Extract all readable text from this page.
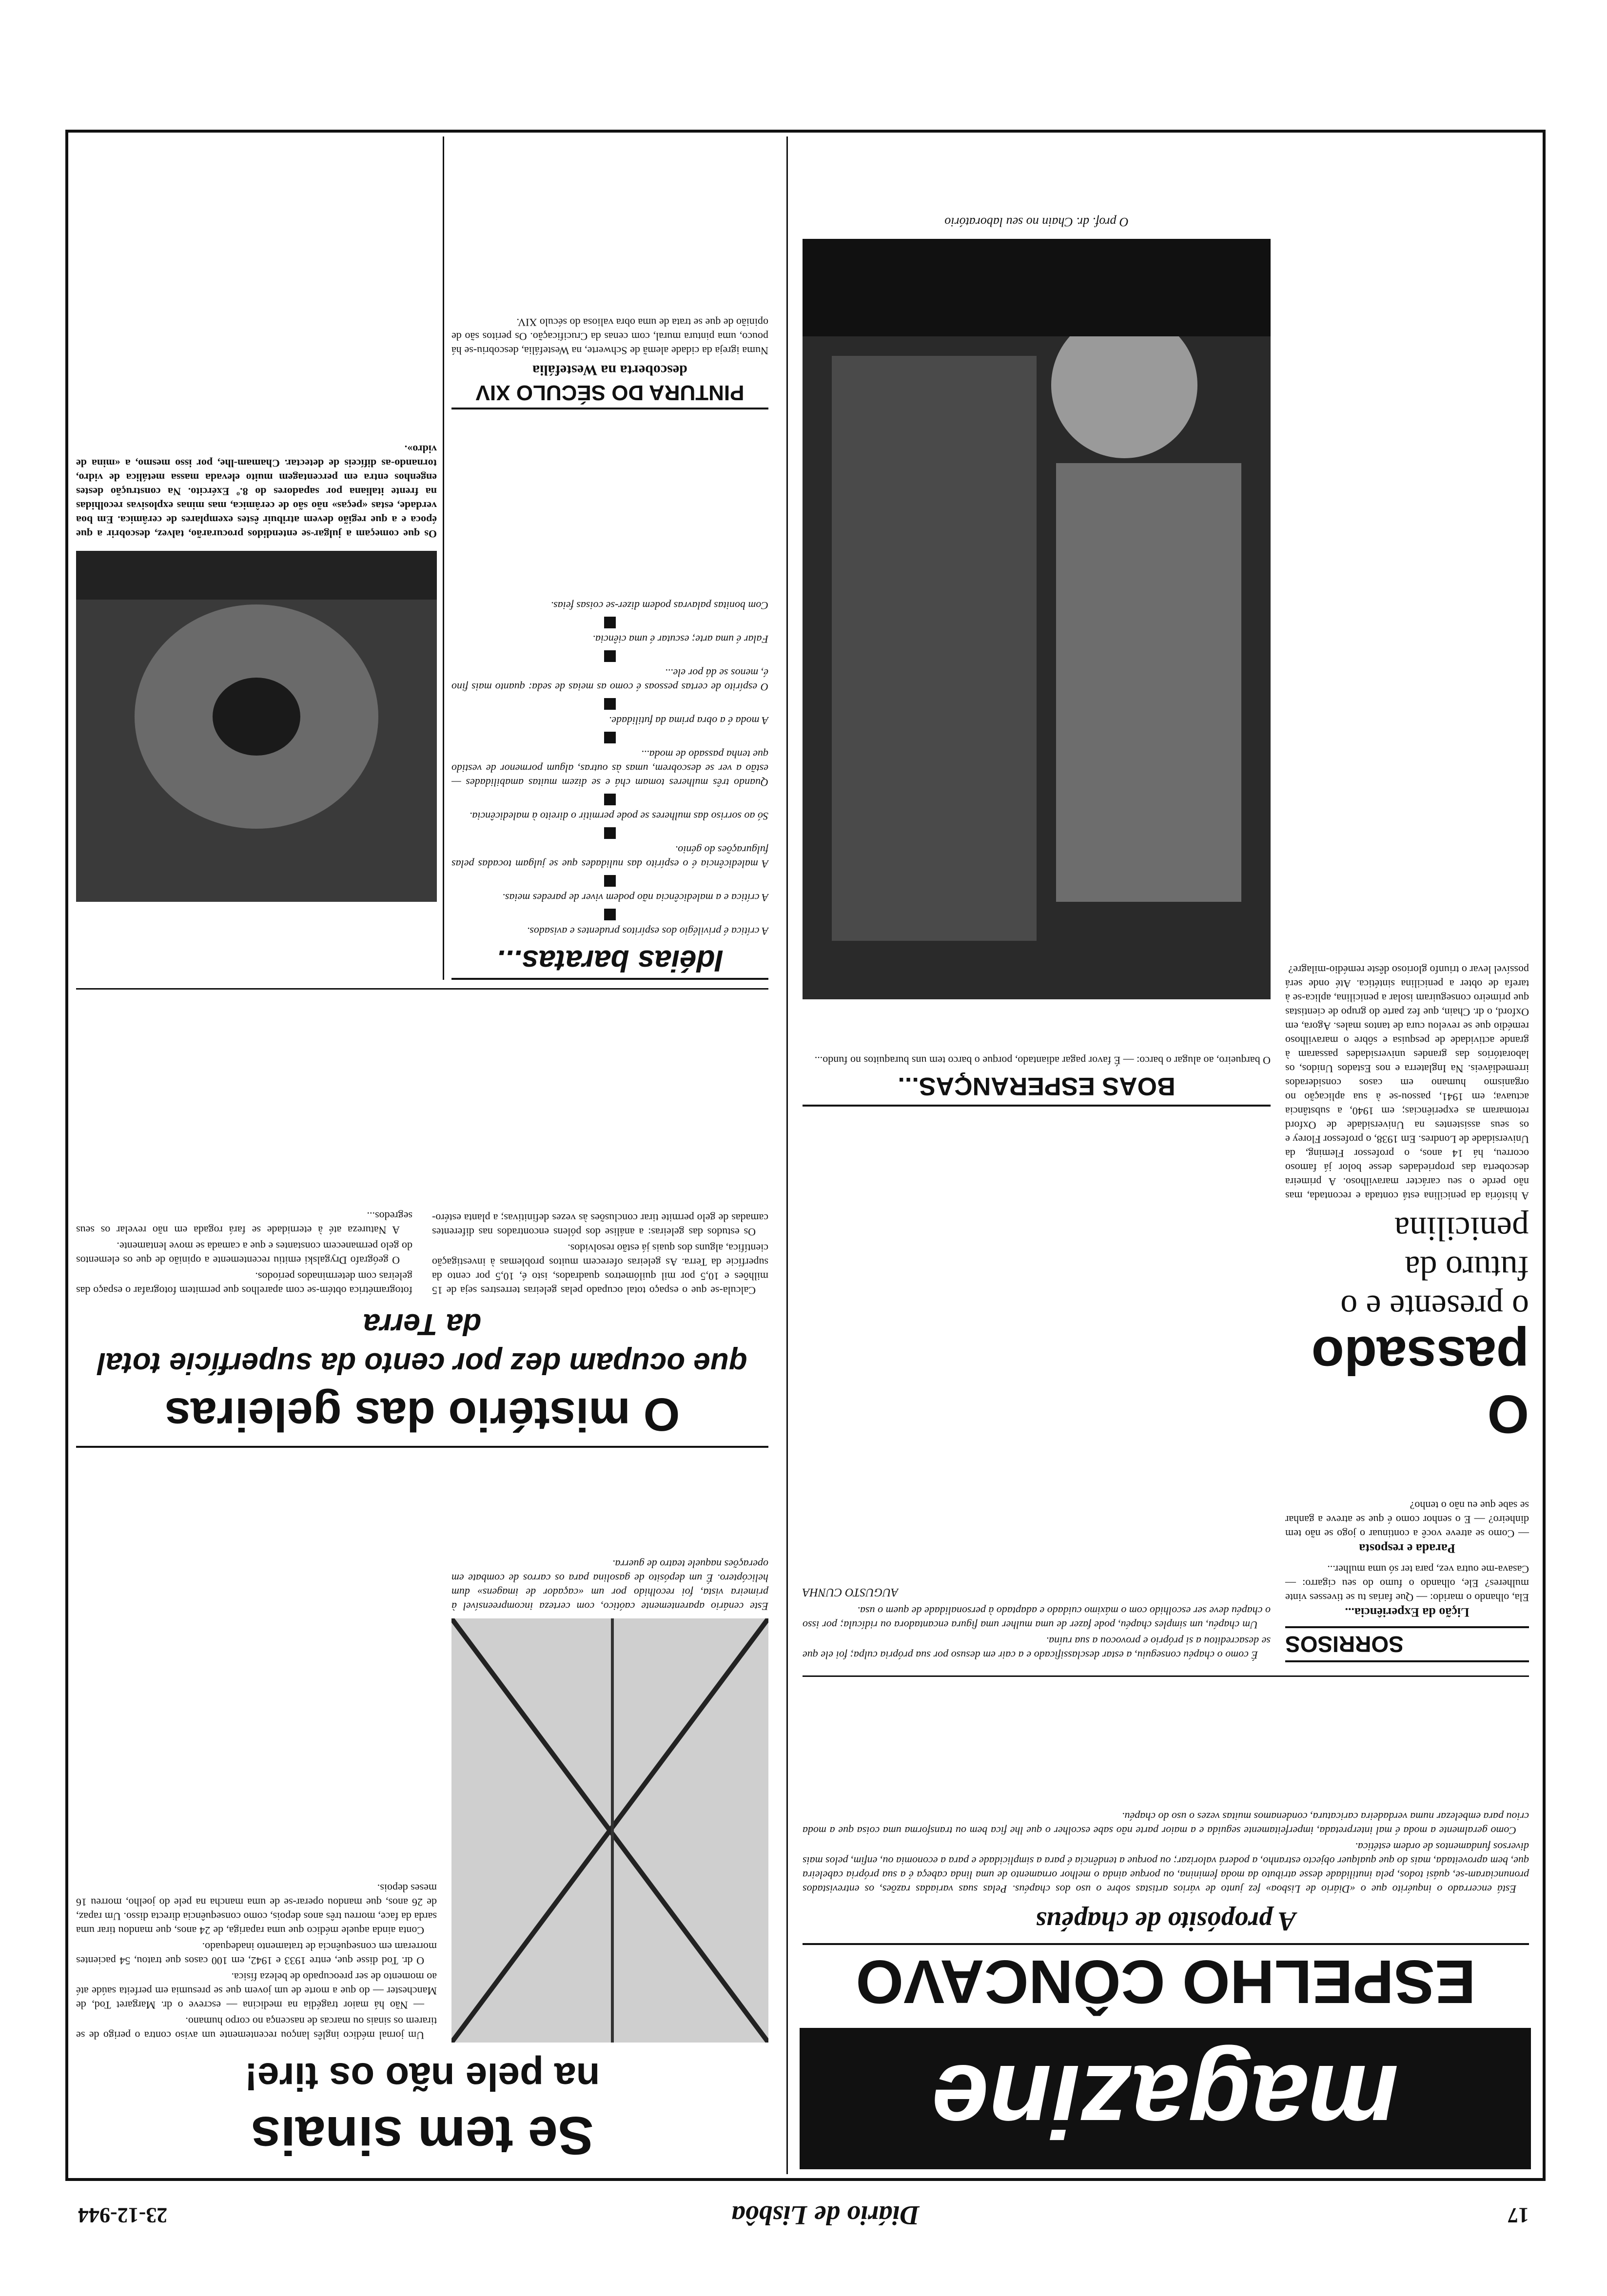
17
Diário de Lisbôa
23-12-944
magazine
ESPELHO CÔNCAVO
A propósito de chapéus

Está encerrado o inquérito que o «Diário de Lisboa» fez junto de vários artistas sobre o uso dos chapéus. Pelas suas variadas razões, os entrevistados pronunciaram-se, quási todos, pela inutilidade desse atributo da moda feminina, ou porque ainda o melhor ornamento de uma linda cabeça é a sua própria cabeleira que, bem aproveitada, mais do que qualquer objecto estranho, a poderá valorizar; ou porque a tendência é para a simplicidade e para a economia ou, enfim, pelos mais diversos fundamentos de ordem estética.

Como geralmente a moda é mal interpretada, imperfeitamente seguida e a maior parte não sabe escolher o que lhe fica bem ou transforma uma coisa que a moda criou para embelezar numa verdadeira caricatura, condenamos muitas vezes o uso do chapéu.

SORRISOS
Lição da Experiência...
Ela, olhando o marido: — Que farias tu se tivesses vinte mulheres? Ele, olhando o fumo do seu cigarro: — Casava-me outra vez, para ter só uma mulher...
Parada e resposta
— Como se atreve você a continuar o jogo se não tem dinheiro? — E o senhor como é que se atreve a ganhar se sabe que eu não o tenho?

É como o chapéu conseguiu, a estar desclassificado e a cair em desuso por sua própria culpa; foi ele que se desacreditou a si próprio e provocou a sua ruína.

Um chapéu, um simples chapéu, pode fazer de uma mulher uma figura encantadora ou ridícula; por isso o chapéu deve ser escolhido com o máximo cuidado e adaptado à personalidade de quem o usa.

AUGUSTO CUNHA
O passado
o presente e o futuro da penicilina
A história da penicilina está contada e recontada, mas não perde o seu carácter maravilhoso. A primeira descoberta das propriedades desse bolor já famoso ocorreu, há 14 anos, o professor Fleming, da Universidade de Londres. Em 1938, o professor Florey e os seus assistentes na Universidade de Oxford retomaram as experiências; em 1940, a substância actuava; em 1941, passou-se à sua aplicação no organismo humano em casos considerados irremediáveis. Na Inglaterra e nos Estados Unidos, os laboratórios das grandes universidades passaram à grande actividade de pesquisa e sôbre o maravilhoso remédio que se revelou cura de tantos males. Agora, em Oxford, o dr. Chain, que fez parte do grupo de cientistas que primeiro conseguiram isolar a penicilina, aplica-se à tarefa de obter a penicilina sintética. Até onde será possível levar o triunfo glorioso dêste remédio-milagre?
BOAS ESPERANÇAS...
O barqueiro, ao alugar o barco: — É favor pagar adiantado, porque o barco tem uns buraquitos no fundo...
O prof. dr. Chain no seu laboratório
Se tem sinais
na pele não os tire!
Este cenário aparentemente caótico, com certeza incompreensível à primeira vista, foi recolhido por um «caçador de imagens» dum helicóptero. É um depósito de gasolina para os carros de combate em operações naquele teatro de guerra.

Um jornal médico inglês lançou recentemente um aviso contra o perigo de se tirarem os sinais ou marcas de nascença no corpo humano.

— Não há maior tragédia na medicina — escreve o dr. Margaret Tod, de Manchester — do que a morte de um jovem que se presumia em perfeita saúde até ao momento de ser preocupado de beleza física.

O dr. Tod disse que, entre 1933 e 1942, em 100 casos que tratou, 54 pacientes morreram em consequência de tratamento inadequado.

Conta ainda aquele médico que uma rapariga, de 24 anos, que mandou tirar uma sarda da face, morreu três anos depois, como consequência directa disso. Um rapaz, de 26 anos, que mandou operar-se de uma mancha na pele do joelho, morreu 16 meses depois.

O mistério das geleiras
que ocupam dez por cento da superfície total da Terra

Calcula-se que o espaço total ocupado pelas geleiras terrestres seja de 15 milhões e 10,5 por mil quilómetros quadrados, isto é, 10,5 por cento da superfície da Terra. As geleiras oferecem muitos problemas à investigação científica, alguns dos quais já estão resolvidos.

Os estudos das geleiras: a análise dos pólens encontrados nas diferentes camadas de gelo permite tirar conclusões às vezes definitivas; a planta estéro-fotogramétrica obtém-se com aparelhos que permitem fotografar o espaço das geleiras com determinados períodos.

O geógrafo Drygalski emitiu recentemente a opinião de que os elementos do gelo permanecem constantes e que a camada se move lentamente.

A Natureza até à eternidade se fará rogada em não revelar os seus segredos...

Idéias baratas...
A crítica é privilégio dos espíritos prudentes e avisados.
A crítica e a maledicência não podem viver de paredes meias.
A maledicência é o espírito das nulidades que se julgam tocadas pelas fulgurações do génio.
Só ao sorriso das mulheres se pode permitir o direito à maledicência.
Quando três mulheres tomam chá e se dizem muitas amabilidades — estão a ver se descobrem, umas às outras, algum pormenor de vestido que tenha passado de moda...
A moda é a obra prima da futilidade.
O espírito de certas pessoas é como as meias de seda: quanto mais fino é, menos se dá por ele...
Falar é uma arte; escutar é uma ciência.
Com bonitas palavras podem dizer-se coisas feias.
Os que começam a julgar-se entendidos procurarão, talvez, descobrir a que época e a que região devem atribuir êstes exemplares de cerâmica. Em boa verdade, estas «peças» não são de cerâmica, mas minas explosivas recolhidas na frente italiana por sapadores do 8.º Exército. Na construção destes engenhos entra em percentagem muito elevada massa metálica de vidro, tornando-as difíceis de detectar. Chamam-lhe, por isso mesmo, a «mina de vidro».
PINTURA DO SÉCULO XIV
descoberta na Westefália
Numa igreja da cidade alemã de Schwerte, na Westefália, descobriu-se há pouco, uma pintura mural, com cenas da Crucificação. Os peritos são de opinião de que se trata de uma obra valiosa do século XIV.
